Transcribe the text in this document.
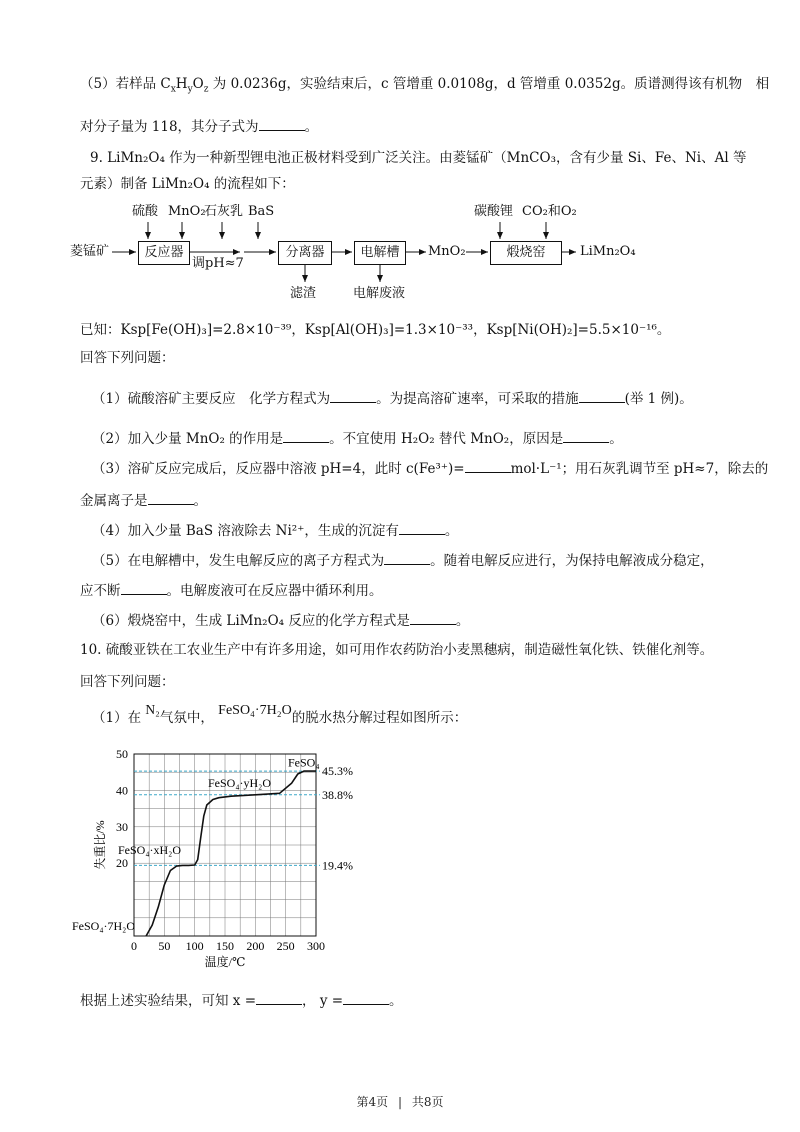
（5）若样品 $C_xH_yO_z$ 为 0.0236g，实验结束后，c 管增重 0.0108g，d 管增重 0.0352g。质谱测得该有机物　相
对分子量为 118，其分子式为	。
9. LiMn₂O₄ 作为一种新型锂电池正极材料受到广泛关注。由菱锰矿（MnCO₃，含有少量 Si、Fe、Ni、Al 等
元素）制备 LiMn₂O₄ 的流程如下：
菱锰矿	反应器
硫酸 MnO₂
石灰乳 BaS
调pH≈7
分离器
滤渣
电解槽
电解废液
MnO₂	煅烧窑
碳酸锂 CO₂和O₂
LiMn₂O₄
已知：Ksp[Fe(OH)₃]=2.8×10⁻³⁹，Ksp[Al(OH)₃]=1.3×10⁻³³，Ksp[Ni(OH)₂]=5.5×10⁻¹⁶。
回答下列问题：
（1）硫酸溶矿主要反应　化学方程式为	。为提高溶矿速率，可采取的措施	(举 1 例)。
（2）加入少量 MnO₂ 的作用是	。不宜使用 H₂O₂ 替代 MnO₂，原因是	。
（3）溶矿反应完成后，反应器中溶液 pH=4，此时 c(Fe³⁺)=	mol·L⁻¹；用石灰乳调节至 pH≈7，除去的
金属离子是	。
（4）加入少量 BaS 溶液除去 Ni²⁺，生成的沉淀有	。
（5）在电解槽中，发生电解反应的离子方程式为	。随着电解反应进行，为保持电解液成分稳定，
应不断	。电解废液可在反应器中循环利用。
（6）煅烧窑中，生成 LiMn₂O₄ 反应的化学方程式是	。
10. 硫酸亚铁在工农业生产中有许多用途，如可用作农药防治小麦黑穗病，制造磁性氧化铁、铁催化剂等。
回答下列问题：
（1）在 N₂气氛中， FeSO₄·7H₂O的脱水热分解过程如图所示：
45.3%
38.8%
19.4%
0 50 100 150 200 250 300
20
30
40
50
温度/℃
失重比/%
FeSO₄
FeSO₄·yH₂O
FeSO₄·xH₂O
FeSO₄·7H₂O
根据上述实验结果，可知 x =	， y =	。
第4页 | 共8页
